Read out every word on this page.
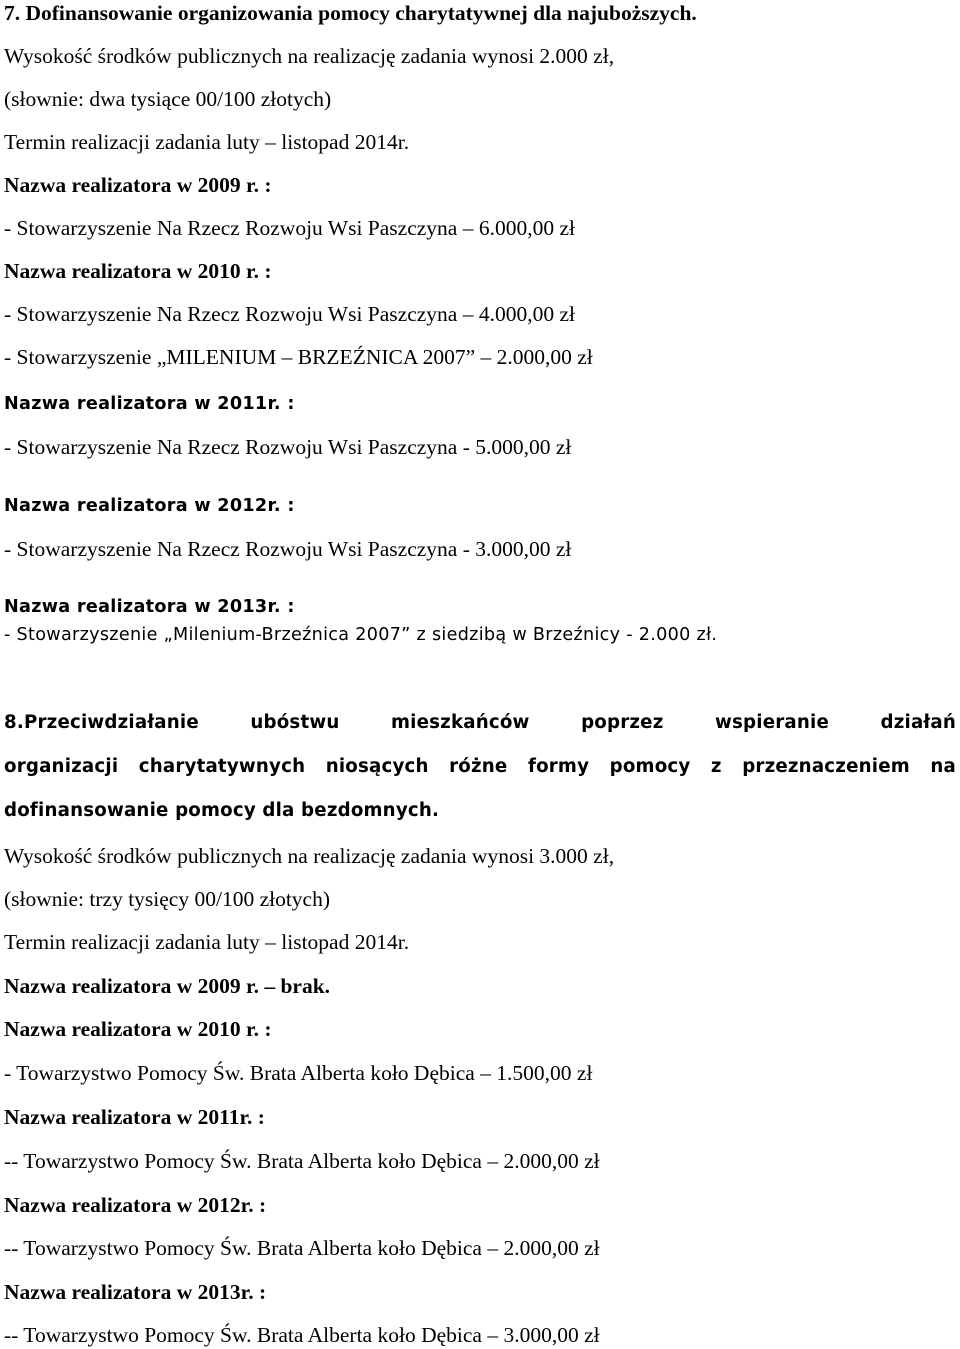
7. Dofinansowanie organizowania pomocy charytatywnej dla najuboższych.
Wysokość środków publicznych na realizację zadania wynosi 2.000 zł,
(słownie: dwa tysiące 00/100 złotych)
Termin realizacji zadania luty – listopad 2014r.
Nazwa realizatora w 2009 r. :
- Stowarzyszenie Na Rzecz Rozwoju Wsi Paszczyna – 6.000,00 zł
Nazwa realizatora w 2010 r. :
- Stowarzyszenie Na Rzecz Rozwoju Wsi Paszczyna – 4.000,00 zł
- Stowarzyszenie „MILENIUM – BRZEŹNICA 2007” – 2.000,00 zł
Nazwa realizatora w 2011r. :
- Stowarzyszenie Na Rzecz Rozwoju Wsi Paszczyna - 5.000,00 zł
Nazwa realizatora w 2012r. :
- Stowarzyszenie Na Rzecz Rozwoju Wsi Paszczyna - 3.000,00 zł
Nazwa realizatora w 2013r. :
- Stowarzyszenie „Milenium-Brzeźnica 2007” z siedzibą w Brzeźnicy - 2.000 zł.
8.Przeciwdziałanie ubóstwu mieszkańców poprzez wspieranie działań
organizacji charytatywnych niosących różne formy pomocy z przeznaczeniem na
dofinansowanie pomocy dla bezdomnych.
Wysokość środków publicznych na realizację zadania wynosi 3.000 zł,
(słownie: trzy tysięcy 00/100 złotych)
Termin realizacji zadania luty – listopad 2014r.
Nazwa realizatora w 2009 r. – brak.
Nazwa realizatora w 2010 r. :
- Towarzystwo Pomocy Św. Brata Alberta koło Dębica – 1.500,00 zł
Nazwa realizatora w 2011r. :
-- Towarzystwo Pomocy Św. Brata Alberta koło Dębica – 2.000,00 zł
Nazwa realizatora w 2012r. :
-- Towarzystwo Pomocy Św. Brata Alberta koło Dębica – 2.000,00 zł
Nazwa realizatora w 2013r. :
-- Towarzystwo Pomocy Św. Brata Alberta koło Dębica – 3.000,00 zł
